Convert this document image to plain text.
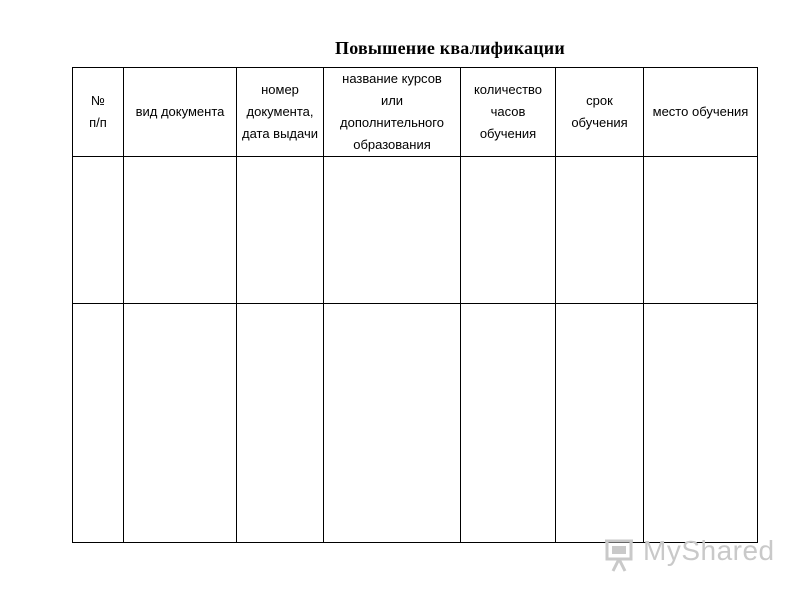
Повышение квалификации
№
п/п	вид документа	номер
документа,
дата выдачи	название курсов
или
дополнительного
образования	количество
часов
обучения	срок
обучения	место обучения

MyShared
